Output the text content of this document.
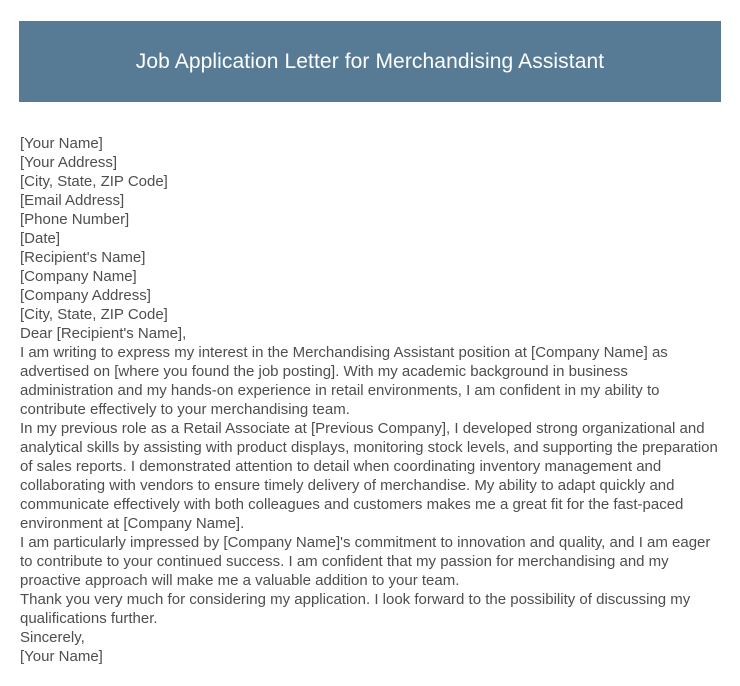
Job Application Letter for Merchandising Assistant
[Your Name]
[Your Address]
[City, State, ZIP Code]
[Email Address]
[Phone Number]
[Date]
[Recipient's Name]
[Company Name]
[Company Address]
[City, State, ZIP Code]
Dear [Recipient's Name],

I am writing to express my interest in the Merchandising Assistant position at [Company Name] as advertised on [where you found the job posting]. With my academic background in business administration and my hands-on experience in retail environments, I am confident in my ability to contribute effectively to your merchandising team.

In my previous role as a Retail Associate at [Previous Company], I developed strong organizational and analytical skills by assisting with product displays, monitoring stock levels, and supporting the preparation of sales reports. I demonstrated attention to detail when coordinating inventory management and collaborating with vendors to ensure timely delivery of merchandise. My ability to adapt quickly and communicate effectively with both colleagues and customers makes me a great fit for the fast-paced environment at [Company Name].

I am particularly impressed by [Company Name]'s commitment to innovation and quality, and I am eager to contribute to your continued success. I am confident that my passion for merchandising and my proactive approach will make me a valuable addition to your team.

Thank you very much for considering my application. I look forward to the possibility of discussing my qualifications further.

Sincerely,
[Your Name]
